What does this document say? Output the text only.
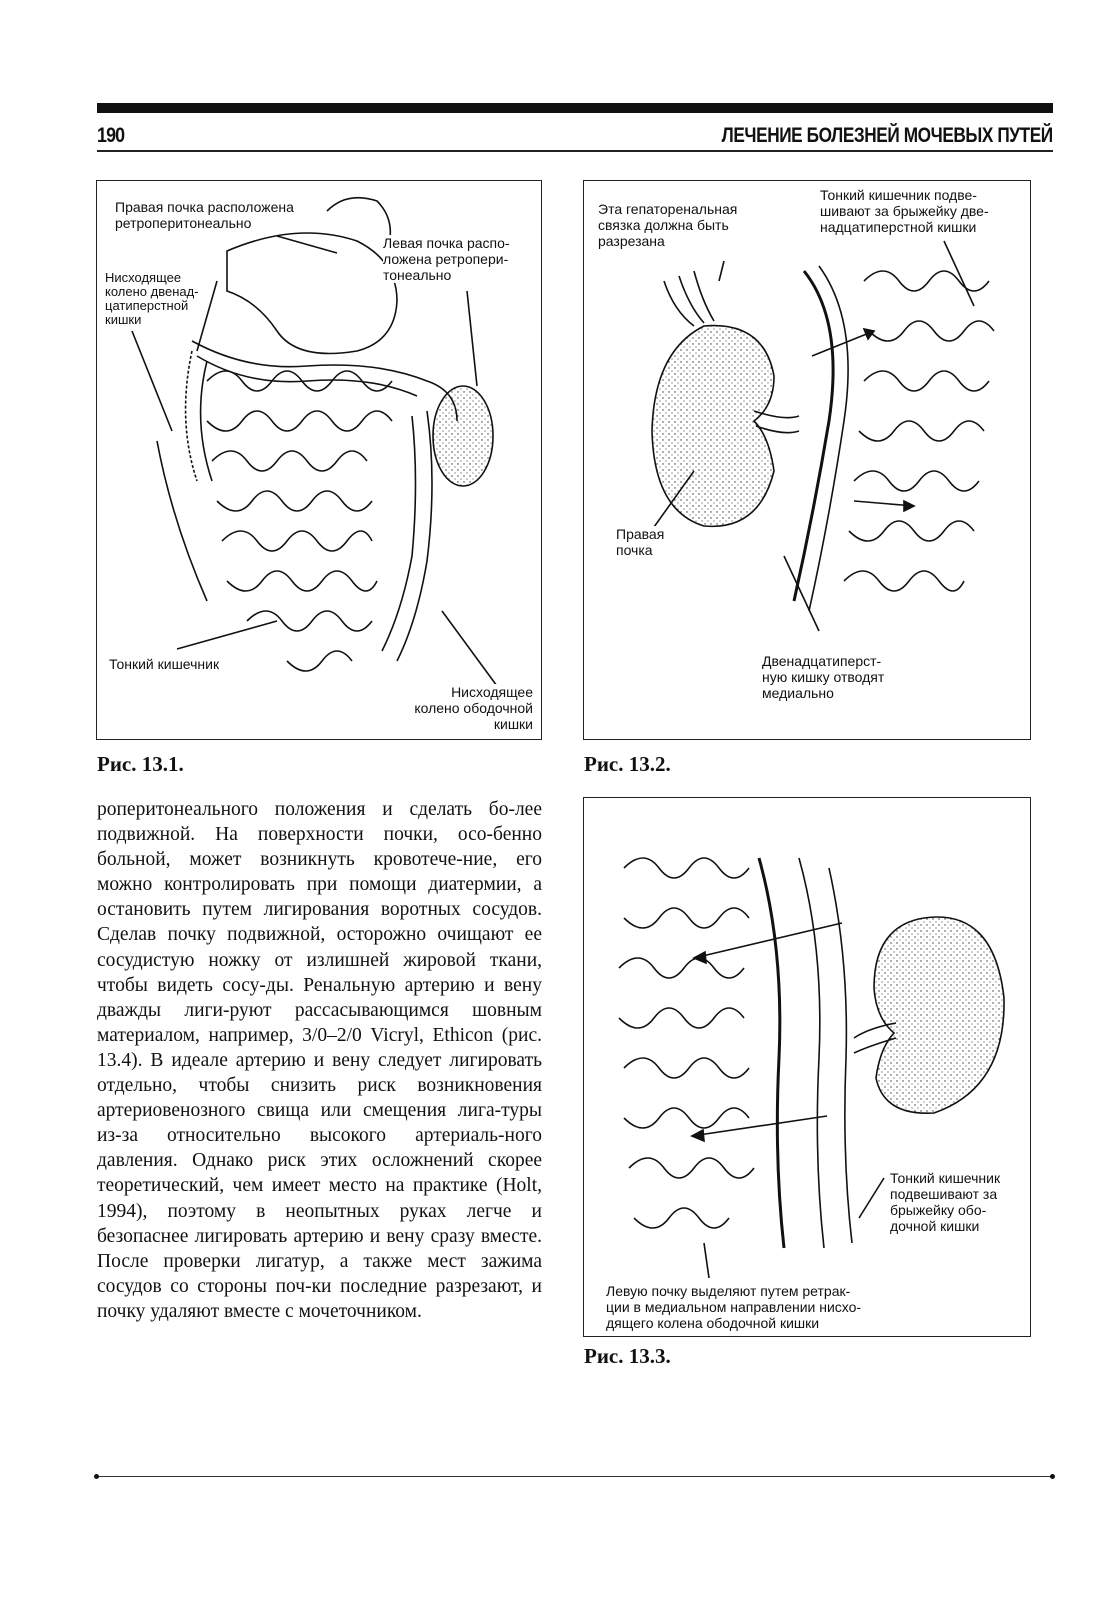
190	ЛЕЧЕНИЕ БОЛЕЗНЕЙ МОЧЕВЫХ ПУТЕЙ
Правая почка расположена
ретроперитонеально
Левая почка распо-
ложена ретропери-
тонеально
Нисходящее
колено двенад-
цатиперстной
кишки
Тонкий кишечник
Нисходящее
колено ободочной
кишки
Рис. 13.1.
Эта гепаторенальная
связка должна быть
разрезана
Тонкий кишечник подве-
шивают за брыжейку две-
надцатиперстной кишки
Правая
почка
Двенадцатиперст-
ную кишку отводят
медиально
Рис. 13.2.
роперитонеального положения и сделать бо-лее подвижной. На поверхности почки, осо-бенно больной, может возникнуть кровотече-ние, его можно контролировать при помощи диатермии, а остановить путем лигирования воротных сосудов. Сделав почку подвижной, осторожно очищают ее сосудистую ножку от излишней жировой ткани, чтобы видеть сосу-ды. Ренальную артерию и вену дважды лиги-руют рассасывающимся шовным материалом, например, 3/0–2/0 Vicryl, Ethicon (рис. 13.4). В идеале артерию и вену следует лигировать отдельно, чтобы снизить риск возникновения артериовенозного свища или смещения лига-туры из-за относительно высокого артериаль-ного давления. Однако риск этих осложнений скорее теоретический, чем имеет место на практике (Holt, 1994), поэтому в неопытных руках легче и безопаснее лигировать артерию и вену сразу вместе. После проверки лигатур, а также мест зажима сосудов со стороны поч-ки последние разрезают, и почку удаляют вместе с мочеточником.
Тонкий кишечник
подвешивают за
брыжейку обо-
дочной кишки
Левую почку выделяют путем ретрак-
ции в медиальном направлении нисхо-
дящего колена ободочной кишки
Рис. 13.3.
